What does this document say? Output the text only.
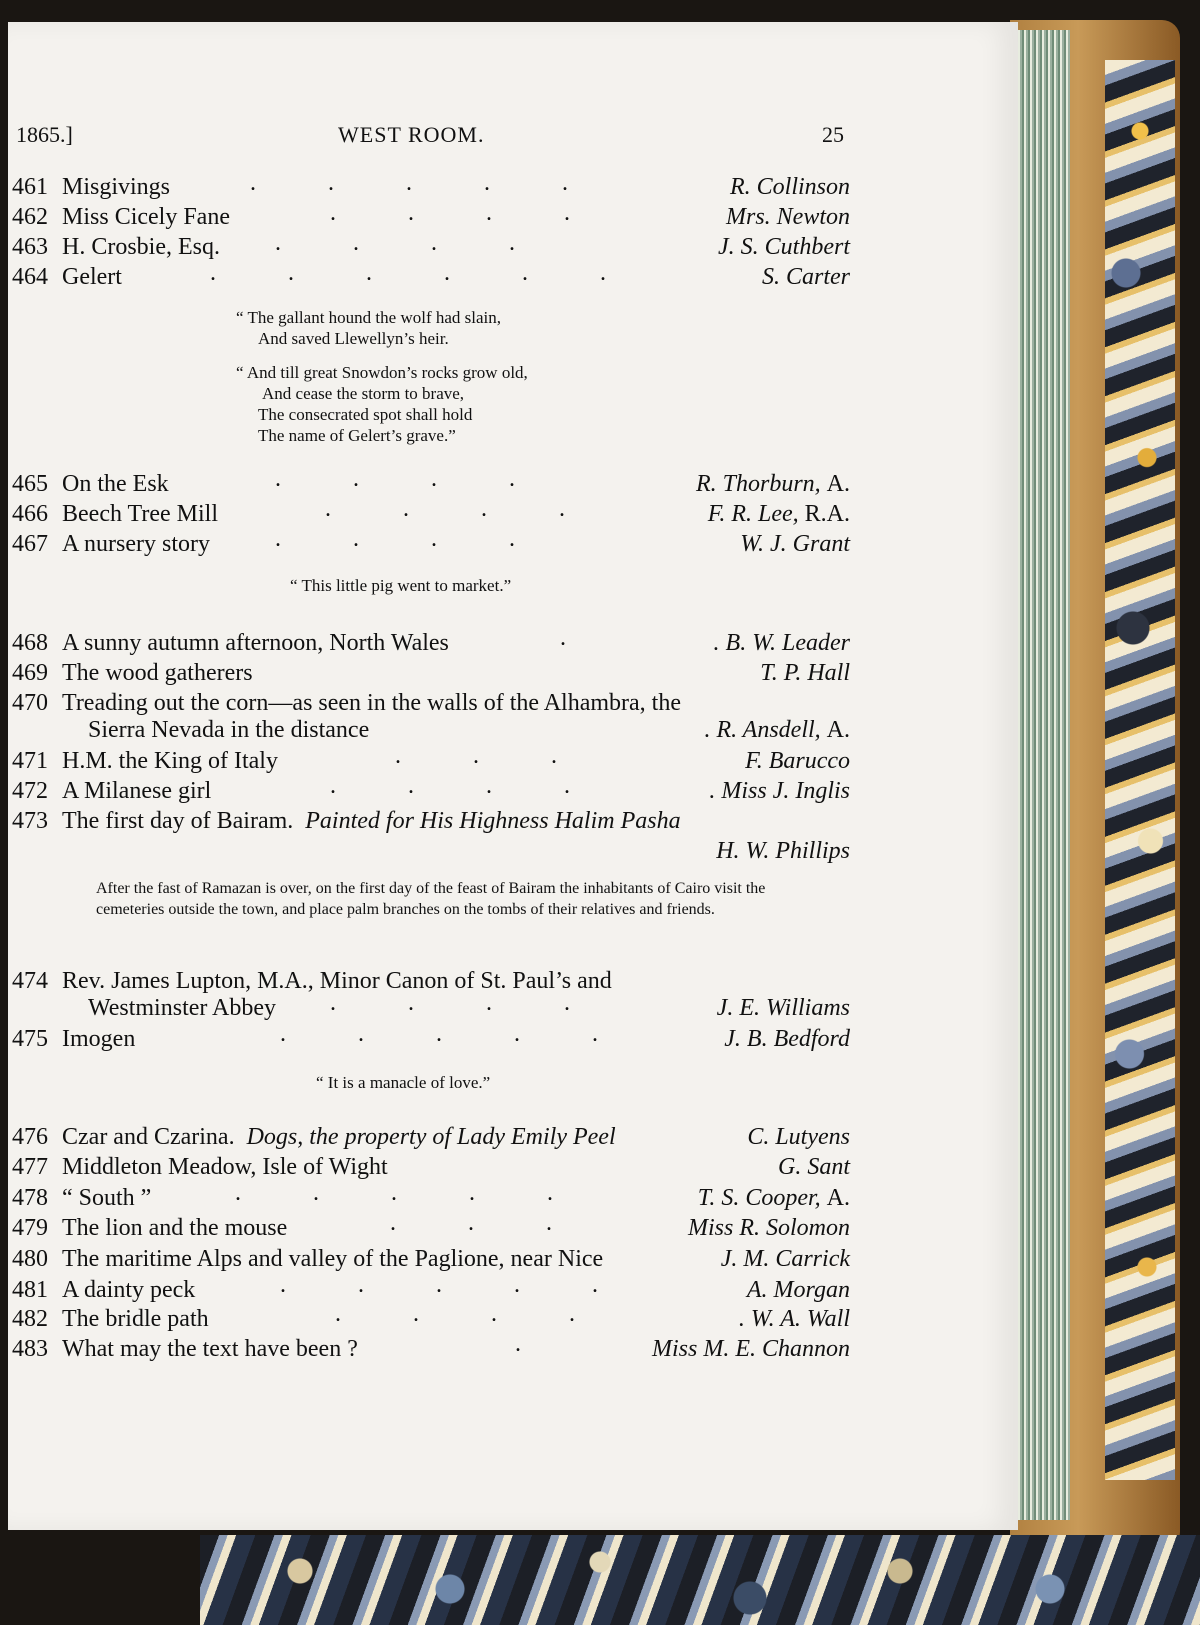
1865.]	WEST ROOM.	25
461 Misgivings	R. Collinson
462 Miss Cicely Fane	Mrs. Newton
463 H. Crosbie, Esq.	J. S. Cuthbert
464 Gelert	S. Carter
“ The gallant hound the wolf had slain,
And saved Llewellyn’s heir.
“ And till great Snowdon’s rocks grow old,
And cease the storm to brave,
The consecrated spot shall hold
The name of Gelert’s grave.”
465 On the Esk	R. Thorburn, A.
466 Beech Tree Mill	F. R. Lee, R.A.
467 A nursery story	W. J. Grant
“ This little pig went to market.”
468 A sunny autumn afternoon, North Wales	. B. W. Leader
469 The wood gatherers	T. P. Hall
470 Treading out the corn—as seen in the walls of the Alhambra, the
Sierra Nevada in the distance	. R. Ansdell, A.
471 H.M. the King of Italy	F. Barucco
472 A Milanese girl	. Miss J. Inglis
473 The first day of Bairam. Painted for His Highness Halim Pasha
H. W. Phillips
After the fast of Ramazan is over, on the first day of the feast of Bairam the inhabitants of Cairo visit the cemeteries outside the town, and place palm branches on the tombs of their relatives and friends.
474 Rev. James Lupton, M.A., Minor Canon of St. Paul’s and
Westminster Abbey	J. E. Williams
475 Imogen	J. B. Bedford
“ It is a manacle of love.”
476 Czar and Czarina. Dogs, the property of Lady Emily Peel	C. Lutyens
477 Middleton Meadow, Isle of Wight	G. Sant
478 “ South ”	T. S. Cooper, A.
479 The lion and the mouse	Miss R. Solomon
480 The maritime Alps and valley of the Paglione, near Nice	J. M. Carrick
481 A dainty peck	A. Morgan
482 The bridle path	. W. A. Wall
483 What may the text have been ?	Miss M. E. Channon
.            .            .            .            .
.            .            .            .
.            .            .            .
.            .            .            .            .            .
.            .            .            .
.            .            .            .
.            .            .            .
.
.            .            .
.            .            .            .
.            .            .            .
.            .            .            .            .
.            .            .            .            .
.            .            .
.            .            .            .            .
.            .            .            .
.
